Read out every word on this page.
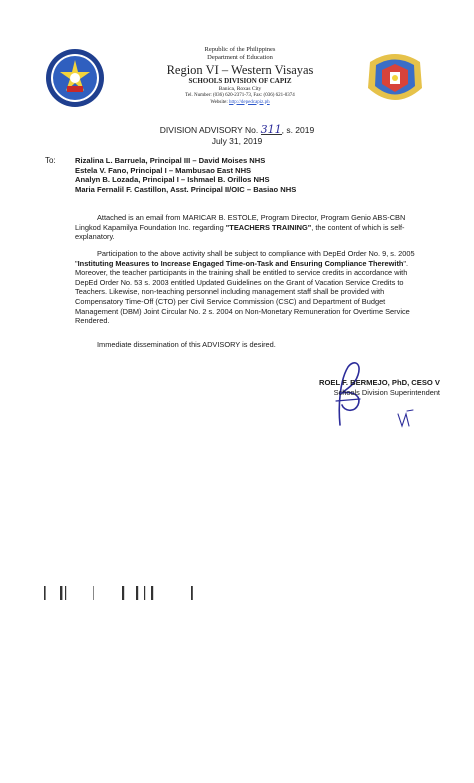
Republic of the Philippines
Department of Education
Region VI – Western Visayas
SCHOOLS DIVISION OF CAPIZ
Banica, Roxas City
Tel. Number: (036) 620-2371-73, Fax: (036) 621-0374
Website: http://depedcapiz.ph
DIVISION ADVISORY No. 311, s. 2019
July 31, 2019
To:	Rizalina L. Barruela, Principal III – David Moises NHS
Estela V. Fano, Principal I – Mambusao East NHS
Analyn B. Lozada, Principal I – Ishmael B. Orillos NHS
Maria Fernalil F. Castillon, Asst. Principal II/OIC – Basiao NHS
Attached is an email from MARICAR B. ESTOLE, Program Director, Program Genio ABS-CBN Lingkod Kapamilya Foundation Inc. regarding "TEACHERS TRAINING", the content of which is self-explanatory.
Participation to the above activity shall be subject to compliance with DepEd Order No. 9, s. 2005 "Instituting Measures to Increase Engaged Time-on-Task and Ensuring Compliance Therewith". Moreover, the teacher participants in the training shall be entitled to service credits in accordance with DepEd Order No. 53 s. 2003 entitled Updated Guidelines on the Grant of Vacation Service Credits to Teachers. Likewise, non-teaching personnel including management staff shall be provided with Compensatory Time-Off (CTO) per Civil Service Commission (CSC) and Department of Budget Management (DBM) Joint Circular No. 2 s. 2004 on Non-Monetary Remuneration for Overtime Service Rendered.
Immediate dissemination of this ADVISORY is desired.
ROEL F. BERMEJO, PhD, CESO V
Schools Division Superintendent
